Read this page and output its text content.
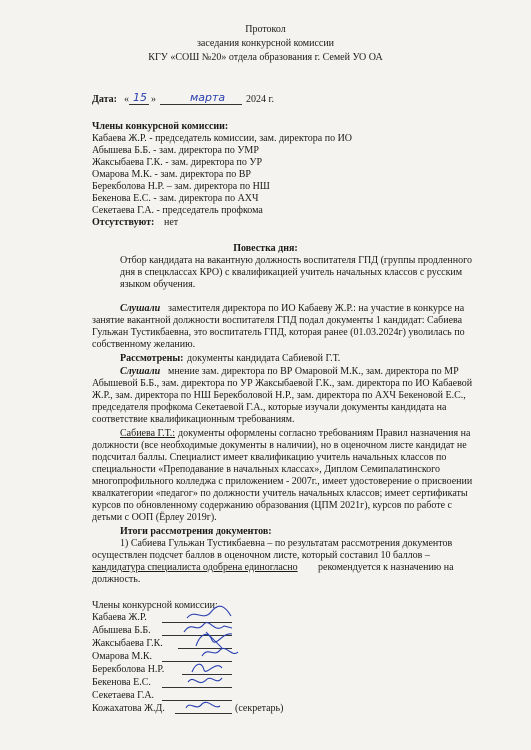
Протокол
заседания конкурсной комиссии
КГУ «СОШ №20» отдела образования г. Семей УО ОА
Дата: « 15 »	марта 2024 г.
Члены конкурсной комиссии:
Кабаева Ж.Р. - председатель комиссии, зам. директора по ИО
Абышева Б.Б. - зам. директора по УМР
Жаксыбаева Г.К. - зам. директора по УР
Омарова М.К. - зам. директора по ВР
Берекболова Н.Р. – зам. директора по НШ
Бекенова Е.С. - зам. директора по АХЧ
Секетаева Г.А. - председатель профкома
Отсутствуют: нет
Повестка дня:
Отбор кандидата на вакантную должность воспитателя ГПД (группы продленного
дня в спецклассах КРО) с квалификацией учитель начальных классов с русским
языком обучения.
Слушали заместителя директора по ИО Кабаеву Ж.Р.: на участие в конкурсе на
занятие вакантной должности воспитателя ГПД подал документы 1 кандидат: Сабиева
Гульжан Тустикбаевна, это воспитатель ГПД, которая ранее (01.03.2024г) уволилась по
собственному желанию.
Рассмотрены: документы кандидата Сабиевой Г.Т.
Слушали мнение зам. директора по ВР Омаровой М.К., зам. директора по МР
Абышевой Б.Б., зам. директора по УР Жаксыбаевой Г.К., зам. директора по ИО Кабаевой
Ж.Р., зам. директора по НШ Берекболовой Н.Р., зам. директора по АХЧ Бекеновой Е.С.,
председателя профкома Секетаевой Г.А., которые изучали документы кандидата на
соответствие квалификационным требованиям.
Сабиева Г.Т.: документы оформлены согласно требованиям Правил назначения на
должности (все необходимые документы в наличии), но в оценочном листе кандидат не
подсчитал баллы. Специалист имеет квалификацию учитель начальных классов по
специальности «Преподавание в начальных классах», Диплом Семипалатинского
многопрофильного колледжа с приложением - 2007г., имеет удостоверение о присвоении
квалкатегории «педагог» по должности учитель начальных классов; имеет сертификаты
курсов по обновленному содержанию образования (ЦПМ 2021г), курсов по работе с
детьми с ООП (Ёрлеу 2019г).
Итоги рассмотрения документов:
1) Сабиева Гульжан Тустикбаевна – по результатам рассмотрения документов
осуществлен подсчет баллов в оценочном листе, который составил 10 баллов –
кандидатура специалиста одобрена единогласно рекомендуется к назначению на
должность.
Члены конкурсной комиссии:
Кабаева Ж.Р.
Абышева Б.Б.
Жаксыбаева Г.К.
Омарова М.К.
Берекболова Н.Р.
Бекенова Е.С.
Секетаева Г.А.
Кожахатова Ж.Д.	(секретарь)
